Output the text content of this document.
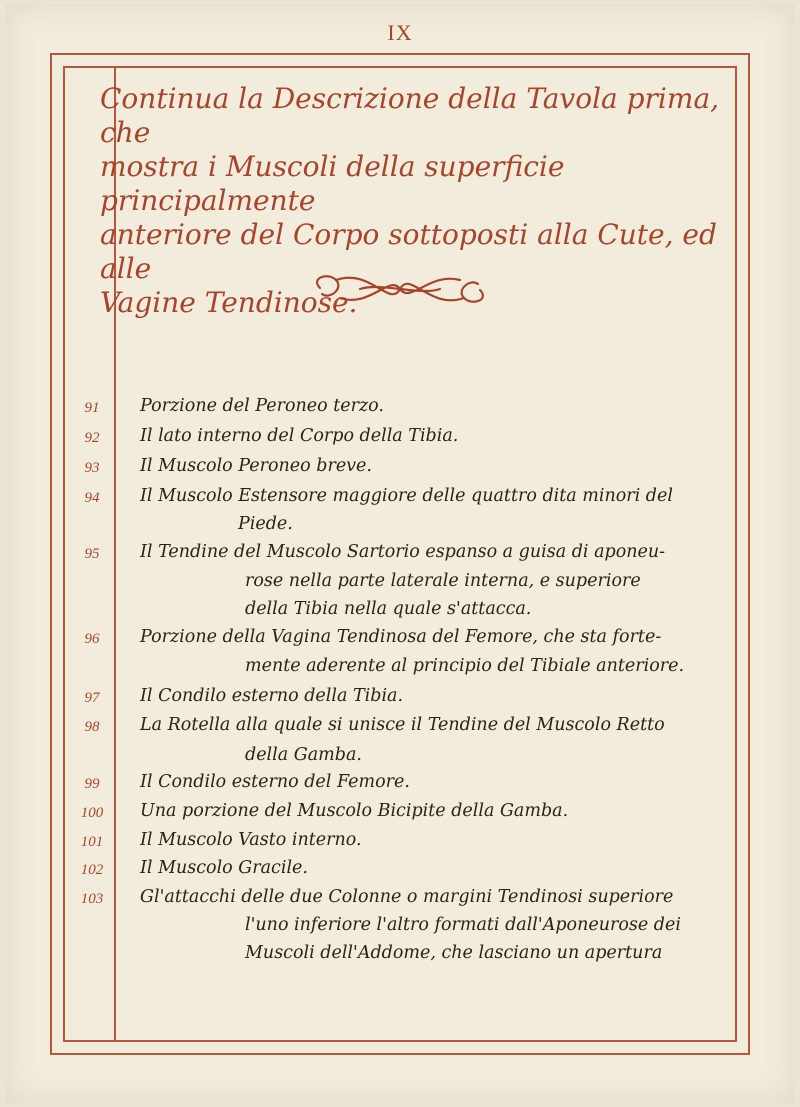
IX
Continua la Descrizione della Tavola prima, che
mostra i Muscoli della superficie principalmente
anteriore del Corpo sottoposti alla Cute, ed alle
Vagine Tendinose.
91	Porzione del Peroneo terzo.
92	Il lato interno del Corpo della Tibia.
93	Il Muscolo Peroneo breve.
94	Il Muscolo Estensore maggiore delle quattro dita minori del
Piede.
95	Il Tendine del Muscolo Sartorio espanso a guisa di aponeu-
rose nella parte laterale interna, e superiore
della Tibia nella quale s'attacca.
96	Porzione della Vagina Tendinosa del Femore, che sta forte-
mente aderente al principio del Tibiale anteriore.
97	Il Condilo esterno della Tibia.
98	La Rotella alla quale si unisce il Tendine del Muscolo Retto
della Gamba.
99	Il Condilo esterno del Femore.
100	Una porzione del Muscolo Bicipite della Gamba.
101	Il Muscolo Vasto interno.
102	Il Muscolo Gracile.
103	Gl'attacchi delle due Colonne o margini Tendinosi superiore
l'uno inferiore l'altro formati dall'Aponeurose dei
Muscoli dell'Addome, che lasciano un apertura
